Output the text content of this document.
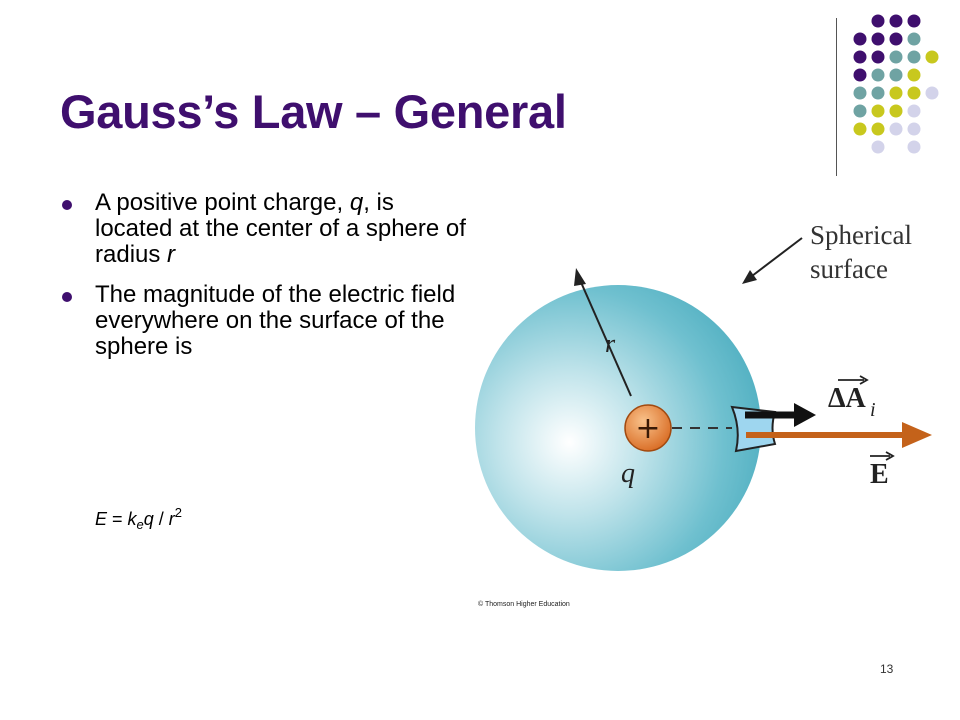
Gauss’s Law – General
A positive point charge, q, is located at the center of a sphere of radius r
The magnitude of the electric field everywhere on the surface of the sphere is
$E = k_eq / r^2$
r
+
q
Spherical
surface
ΔA i
E
© Thomson Higher Education
13
